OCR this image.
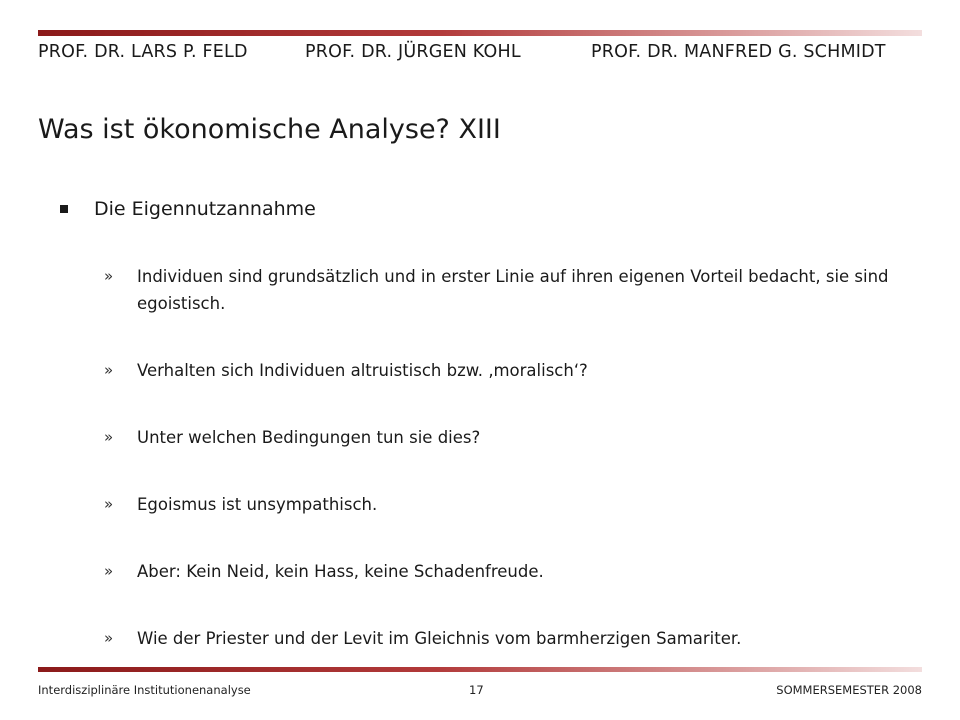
PROF. DR. LARS P. FELD	PROF. DR. JÜRGEN KOHL	PROF. DR. MANFRED G. SCHMIDT
Was ist ökonomische Analyse? XIII
Die Eigennutzannahme
» Individuen sind grundsätzlich und in erster Linie auf ihren eigenen Vorteil bedacht, sie sind egoistisch.
» Verhalten sich Individuen altruistisch bzw. ‚moralisch‘?
» Unter welchen Bedingungen tun sie dies?
» Egoismus ist unsympathisch.
» Aber: Kein Neid, kein Hass, keine Schadenfreude.
» Wie der Priester und der Levit im Gleichnis vom barmherzigen Samariter.
Interdisziplinäre Institutionenanalyse	17	SOMMERSEMESTER 2008
